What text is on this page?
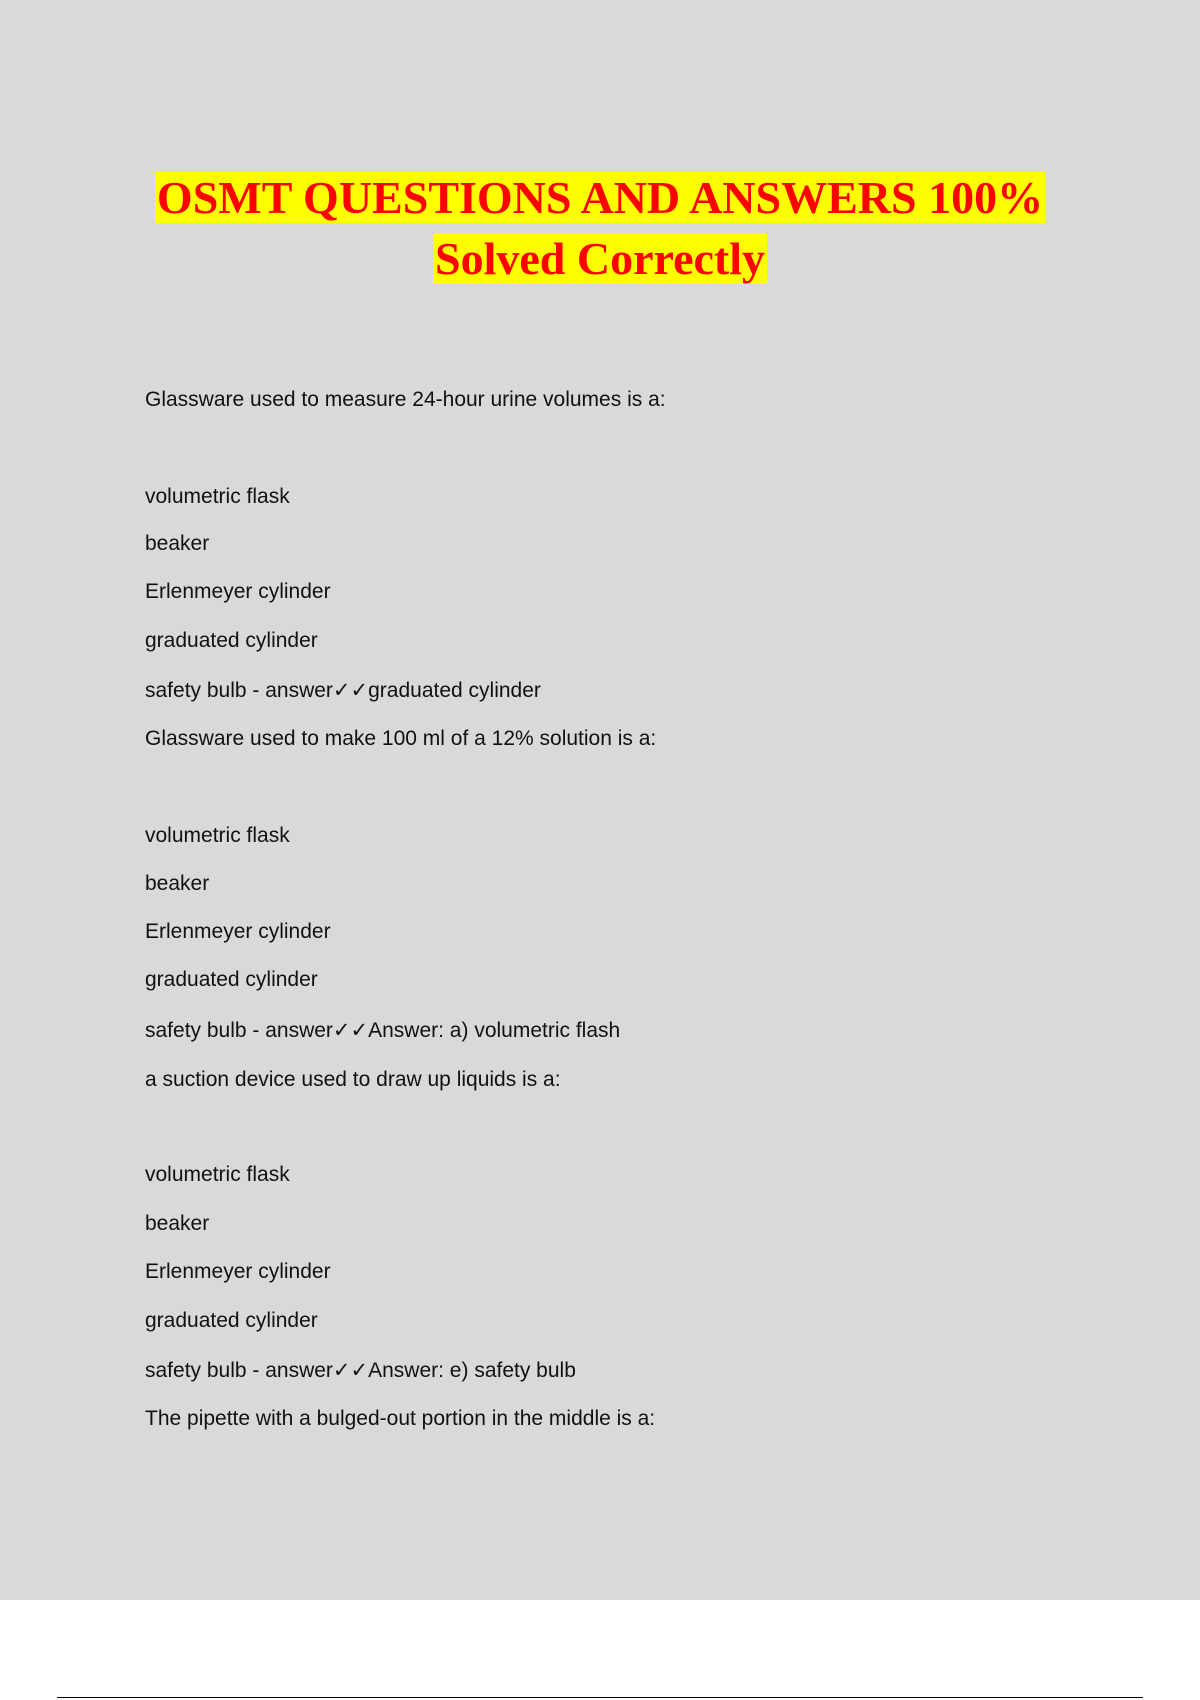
OSMT QUESTIONS AND ANSWERS 100%
Solved Correctly
Glassware used to measure 24-hour urine volumes is a:
volumetric flask
beaker
Erlenmeyer cylinder
graduated cylinder
safety bulb - answer✓✓graduated cylinder
Glassware used to make 100 ml of a 12% solution is a:
volumetric flask
beaker
Erlenmeyer cylinder
graduated cylinder
safety bulb - answer✓✓Answer: a) volumetric flash
a suction device used to draw up liquids is a:
volumetric flask
beaker
Erlenmeyer cylinder
graduated cylinder
safety bulb - answer✓✓Answer: e) safety bulb
The pipette with a bulged-out portion in the middle is a:
